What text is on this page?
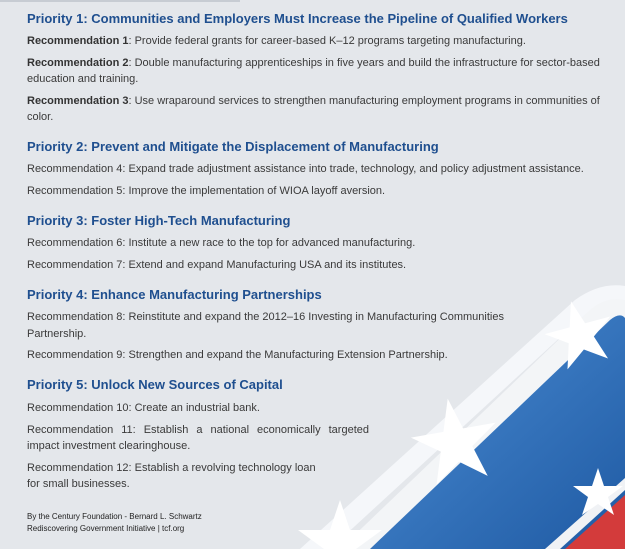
Priority 1: Communities and Employers Must Increase the Pipeline of Qualified Workers

Recommendation 1: Provide federal grants for career-based K–12 programs targeting manufacturing.

Recommendation 2: Double manufacturing apprenticeships in five years and build the infrastructure for sector-based education and training.

Recommendation 3: Use wraparound services to strengthen manufacturing employment programs in communities of color.

Priority 2: Prevent and Mitigate the Displacement of Manufacturing

Recommendation 4: Expand trade adjustment assistance into trade, technology, and policy adjustment assistance.

Recommendation 5: Improve the implementation of WIOA layoff aversion.

Priority 3: Foster High-Tech Manufacturing

Recommendation 6: Institute a new race to the top for advanced manufacturing.

Recommendation 7: Extend and expand Manufacturing USA and its institutes.

Priority 4: Enhance Manufacturing Partnerships

Recommendation 8: Reinstitute and expand the 2012–16 Investing in Manufacturing Communities
Partnership.

Recommendation 9: Strengthen and expand the Manufacturing Extension Partnership.

Priority 5: Unlock New Sources of Capital

Recommendation 10: Create an industrial bank.

Recommendation 11: Establish a national economically targeted
impact investment clearinghouse.

Recommendation 12: Establish a revolving technology loan
for small businesses.

By the Century Foundation - Bernard L. Schwartz
Rediscovering Government Initiative | tcf.org
